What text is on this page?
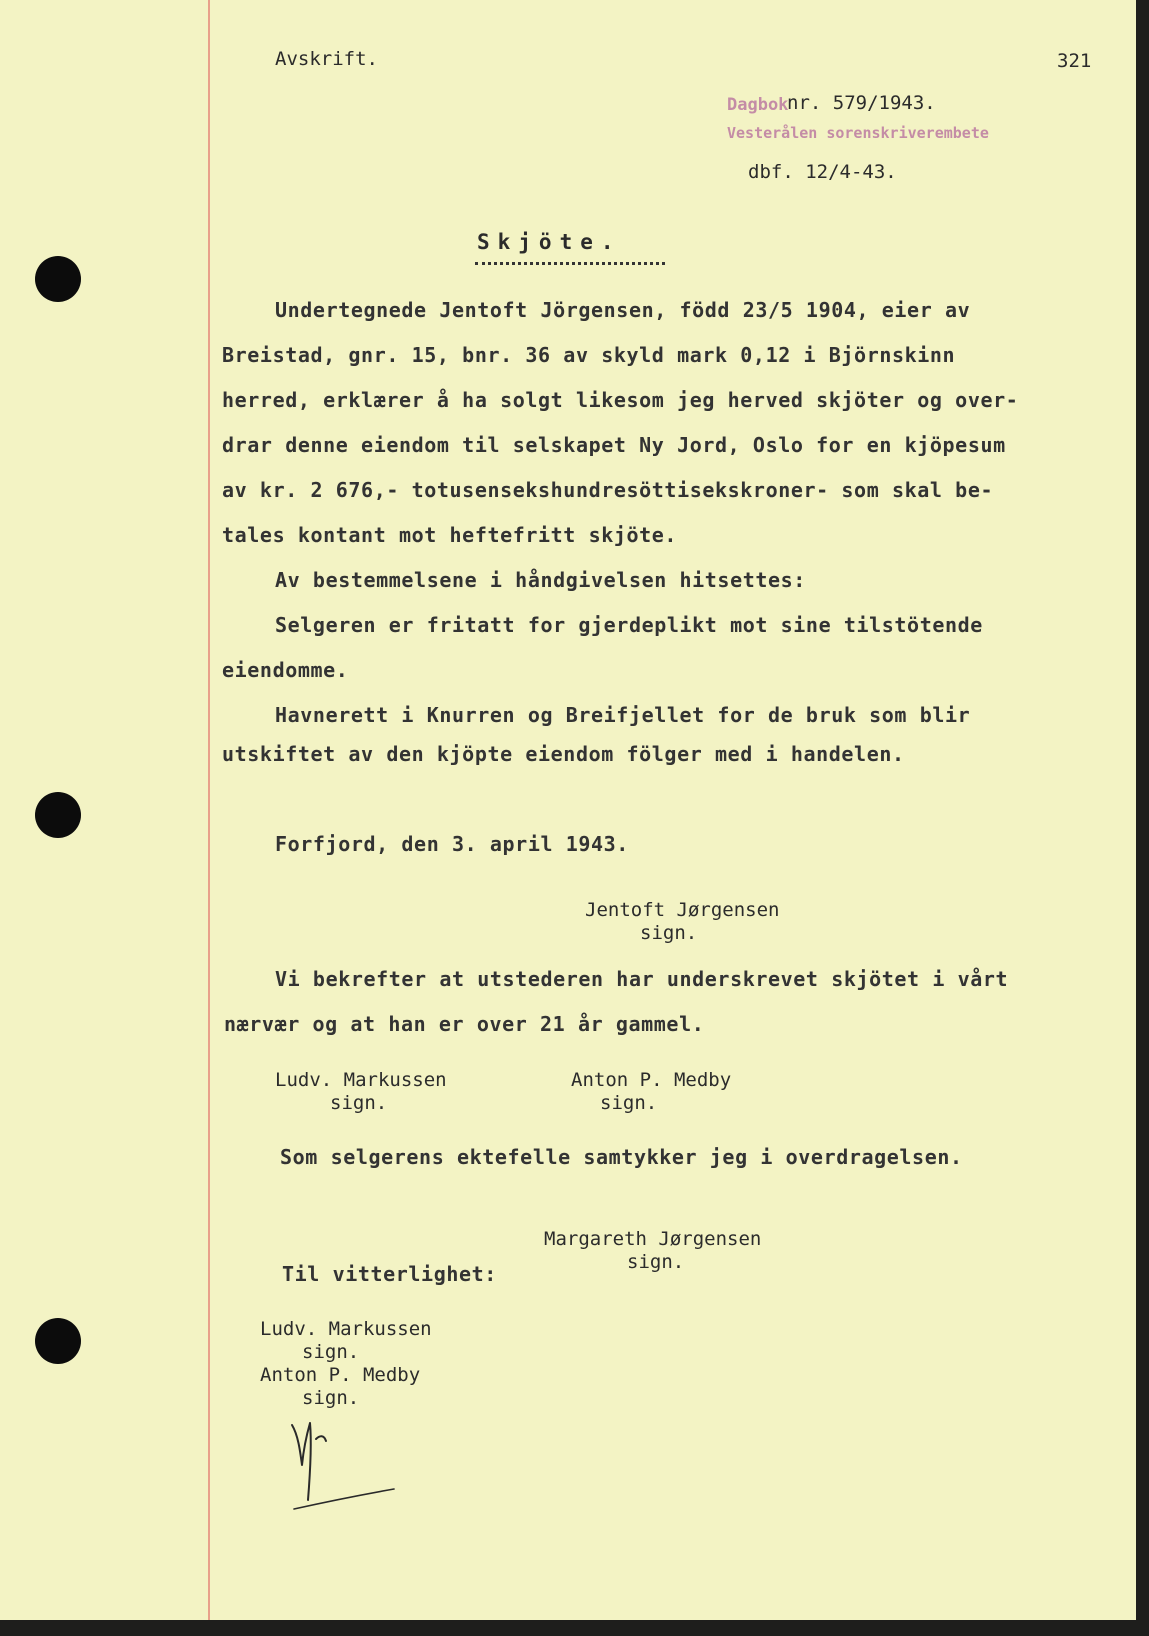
Avskrift.	321
Dagbok
nr. 579/1943.
Vesterålen sorenskriverembete
dbf. 12/4-43.
Skjöte.
Undertegnede Jentoft Jörgensen, född 23/5 1904, eier av
Breistad, gnr. 15, bnr. 36 av skyld mark 0,12 i Björnskinn
herred, erklærer å ha solgt likesom jeg herved skjöter og over-
drar denne eiendom til selskapet Ny Jord, Oslo for en kjöpesum
av kr. 2 676,- totusensekshundresöttisekskroner- som skal be-
tales kontant mot heftefritt skjöte.
Av bestemmelsene i håndgivelsen hitsettes:
Selgeren er fritatt for gjerdeplikt mot sine tilstötende
eiendomme.
Havnerett i Knurren og Breifjellet for de bruk som blir
utskiftet av den kjöpte eiendom fölger med i handelen.
Forfjord, den 3. april 1943.
Jentoft Jørgensen
sign.
Vi bekrefter at utstederen har underskrevet skjötet i vårt
nærvær og at han er over 21 år gammel.
Ludv. Markussen
sign.
Anton P. Medby
sign.
Som selgerens ektefelle samtykker jeg i overdragelsen.
Margareth Jørgensen
sign.
Til vitterlighet:
Ludv. Markussen
sign.
Anton P. Medby
sign.
